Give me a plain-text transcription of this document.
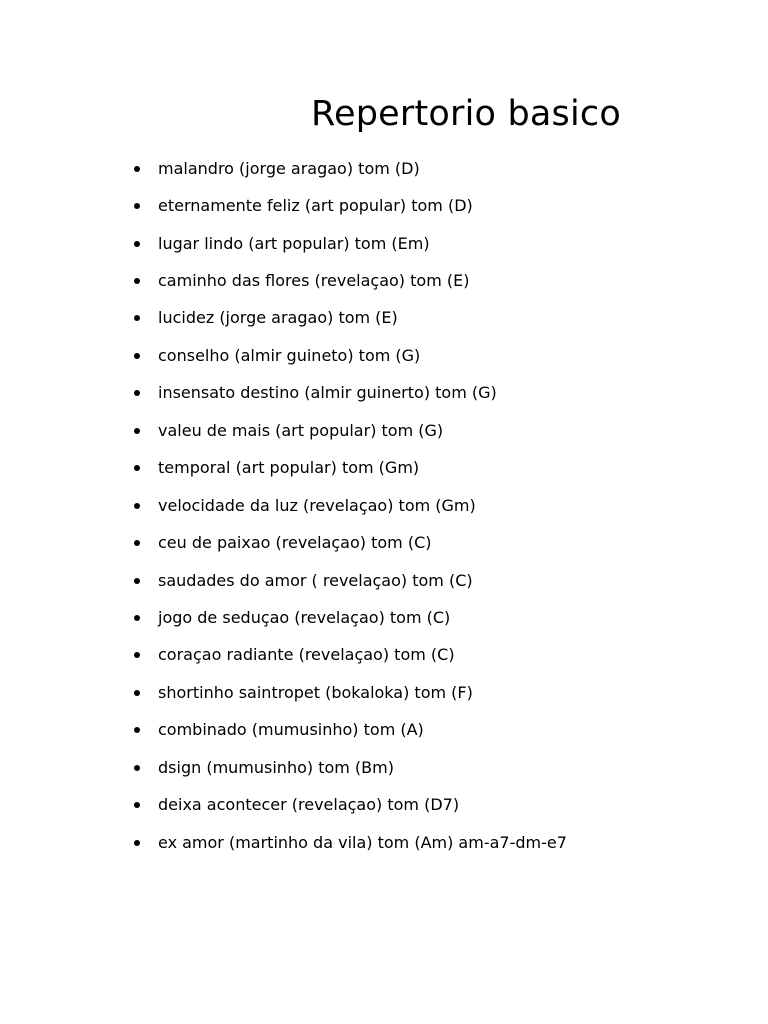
Repertorio basico
malandro (jorge aragao) tom (D)
eternamente feliz (art popular) tom (D)
lugar lindo (art popular) tom (Em)
caminho das flores (revelaçao) tom (E)
lucidez (jorge aragao) tom (E)
conselho (almir guineto) tom (G)
insensato destino (almir guinerto) tom (G)
valeu de mais (art popular) tom (G)
temporal (art popular) tom (Gm)
velocidade da luz (revelaçao) tom (Gm)
ceu de paixao (revelaçao) tom (C)
saudades do amor ( revelaçao) tom (C)
jogo de seduçao (revelaçao) tom (C)
coraçao radiante (revelaçao) tom (C)
shortinho saintropet (bokaloka) tom (F)
combinado (mumusinho) tom (A)
dsign (mumusinho) tom (Bm)
deixa acontecer (revelaçao) tom (D7)
ex amor (martinho da vila) tom (Am) am-a7-dm-e7
